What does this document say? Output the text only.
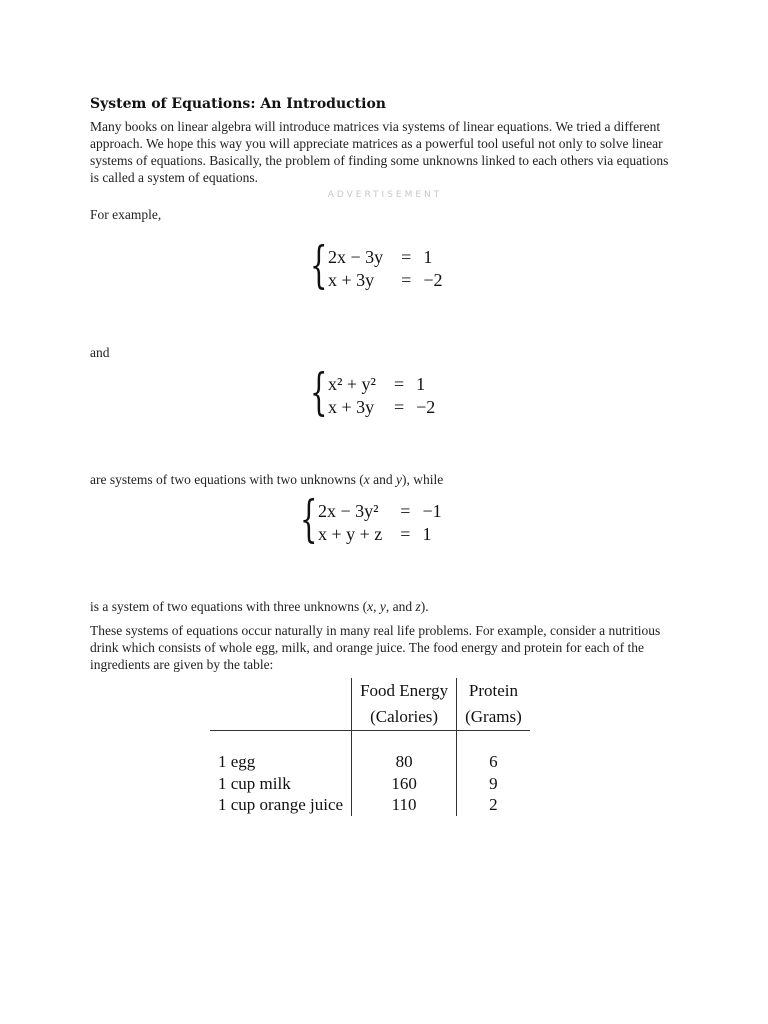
System of Equations: An Introduction

Many books on linear algebra will introduce matrices via systems of linear equations. We tried a different approach. We hope this way you will appreciate matrices as a powerful tool useful not only to solve linear systems of equations. Basically, the problem of finding some unknowns linked to each others via equations is called a system of equations.

ADVERTISEMENT

For example,

{ 2x − 3y	=	1
x + 3y	=	−2
and
{ x² + y²	=	1
x + 3y	=	−2
are systems of two equations with two unknowns (x and y), while
{ 2x − 3y²	=	−1
x + y + z	=	1
is a system of two equations with three unknowns (x, y, and z).
These systems of equations occur naturally in many real life problems. For example, consider a nutritious drink which consists of whole egg, milk, and orange juice. The food energy and protein for each of the ingredients are given by the table:
	Food Energy	Protein
	(Calories)	(Grams)

1 egg	80	6
1 cup milk	160	9
1 cup orange juice	110	2
